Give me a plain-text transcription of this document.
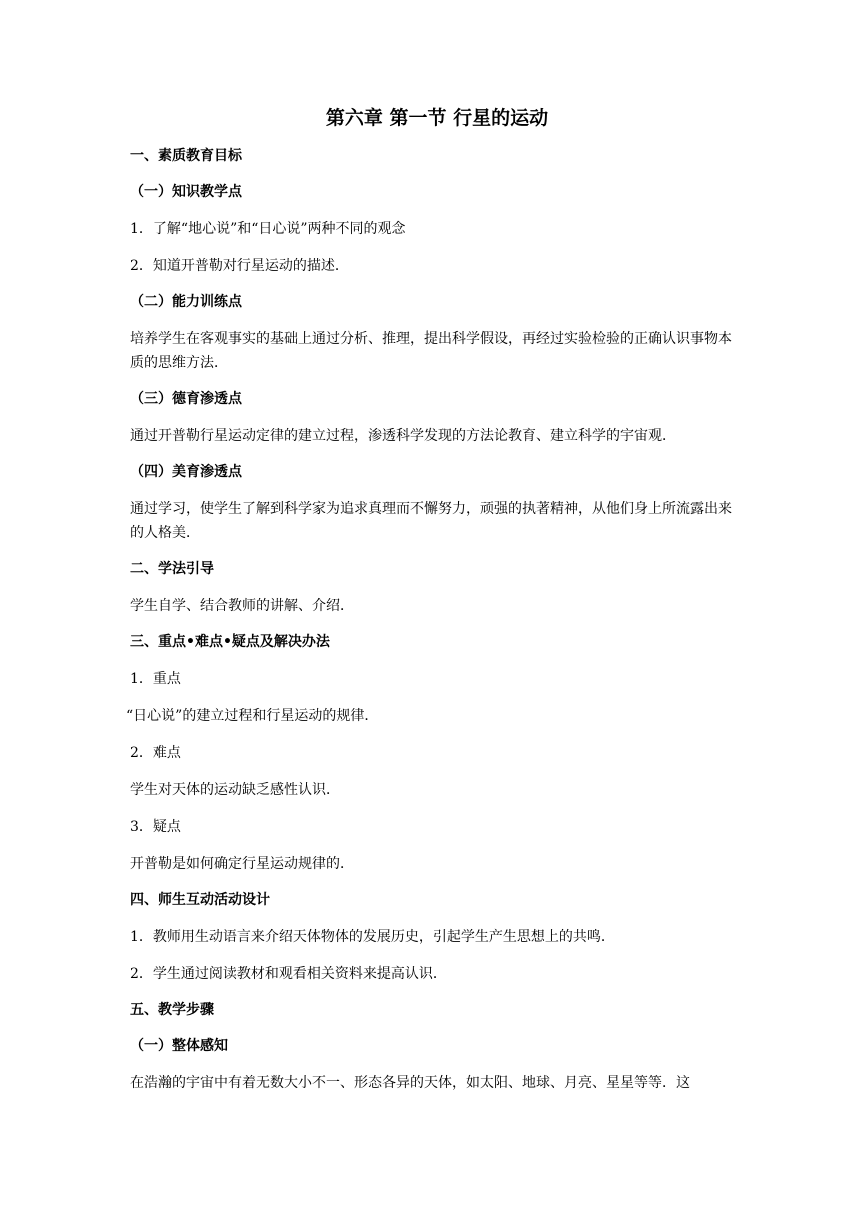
第六章 第一节 行星的运动
一、素质教育目标
（一）知识教学点
1．了解“地心说”和“日心说”两种不同的观念
2．知道开普勒对行星运动的描述．
（二）能力训练点
培养学生在客观事实的基础上通过分析、推理，提出科学假设，再经过实验检验的正确认识事物本质的思维方法．
（三）德育渗透点
通过开普勒行星运动定律的建立过程，渗透科学发现的方法论教育、建立科学的宇宙观．
（四）美育渗透点
通过学习，使学生了解到科学家为追求真理而不懈努力，顽强的执著精神，从他们身上所流露出来的人格美．
二、学法引导
学生自学、结合教师的讲解、介绍．
三、重点•难点•疑点及解决办法
1．重点
“日心说”的建立过程和行星运动的规律．
2．难点
学生对天体的运动缺乏感性认识．
3．疑点
开普勒是如何确定行星运动规律的．
四、师生互动活动设计
1．教师用生动语言来介绍天体物体的发展历史，引起学生产生思想上的共鸣．
2．学生通过阅读教材和观看相关资料来提高认识．
五、教学步骤
（一）整体感知
在浩瀚的宇宙中有着无数大小不一、形态各异的天体，如太阳、地球、月亮、星星等等．这
